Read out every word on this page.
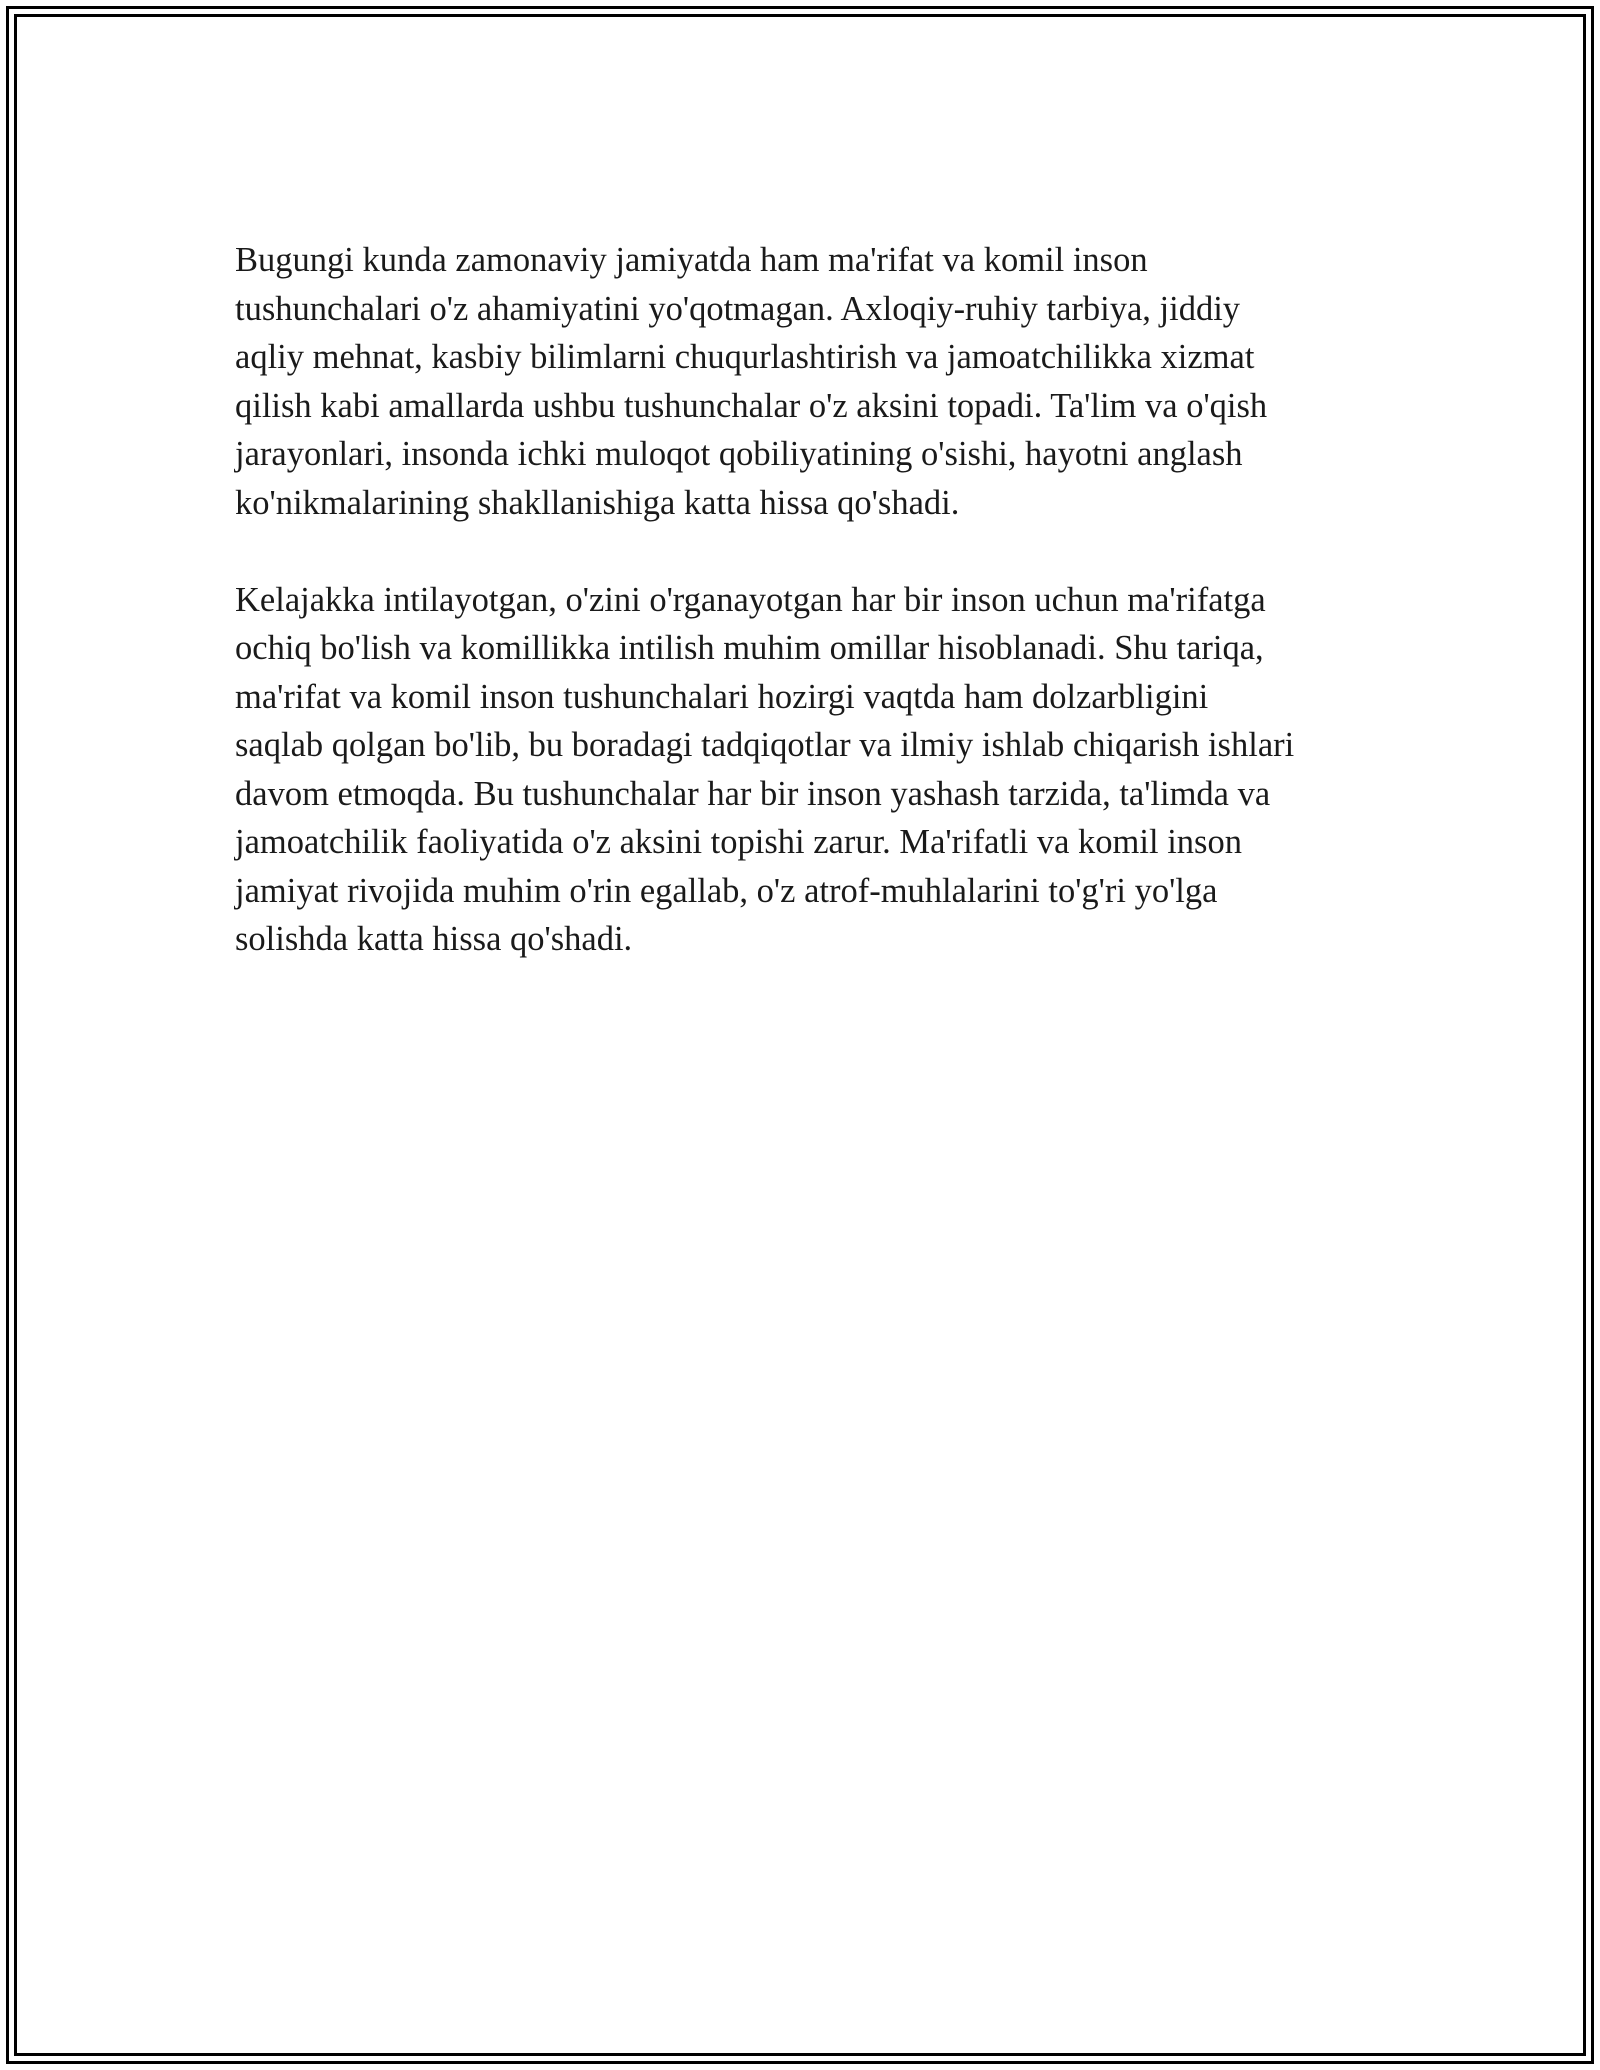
Bugungi kunda zamonaviy jamiyatda ham ma'rifat va komil inson
tushunchalari o'z ahamiyatini yo'qotmagan. Axloqiy-ruhiy tarbiya, jiddiy
aqliy mehnat, kasbiy bilimlarni chuqurlashtirish va jamoatchilikka xizmat
qilish kabi amallarda ushbu tushunchalar o'z aksini topadi. Ta'lim va o'qish
jarayonlari, insonda ichki muloqot qobiliyatining o'sishi, hayotni anglash
ko'nikmalarining shakllanishiga katta hissa qo'shadi.

Kelajakka intilayotgan, o'zini o'rganayotgan har bir inson uchun ma'rifatga
ochiq bo'lish va komillikka intilish muhim omillar hisoblanadi. Shu tariqa,
ma'rifat va komil inson tushunchalari hozirgi vaqtda ham dolzarbligini
saqlab qolgan bo'lib, bu boradagi tadqiqotlar va ilmiy ishlab chiqarish ishlari
davom etmoqda. Bu tushunchalar har bir inson yashash tarzida, ta'limda va
jamoatchilik faoliyatida o'z aksini topishi zarur. Ma'rifatli va komil inson
jamiyat rivojida muhim o'rin egallab, o'z atrof-muhlalarini to'g'ri yo'lga
solishda katta hissa qo'shadi.
